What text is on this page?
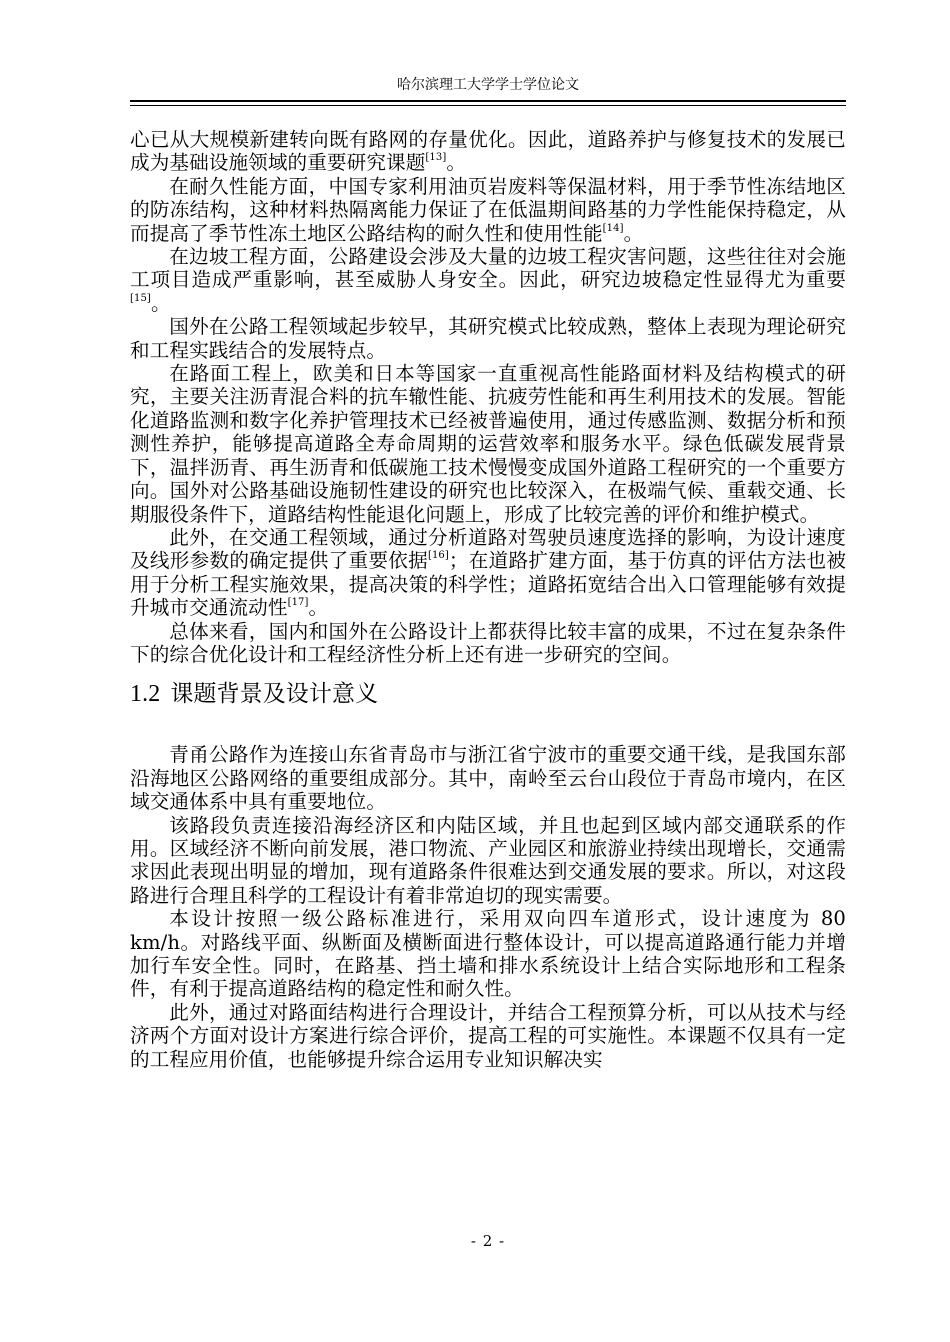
哈尔滨理工大学学士学位论文

心已从大规模新建转向既有路网的存量优化。因此，道路养护与修复技术的发展已成为基础设施领域的重要研究课题[13]。

在耐久性能方面，中国专家利用油页岩废料等保温材料，用于季节性冻结地区的防冻结构，这种材料热隔离能力保证了在低温期间路基的力学性能保持稳定，从而提高了季节性冻土地区公路结构的耐久性和使用性能[14]。

在边坡工程方面，公路建设会涉及大量的边坡工程灾害问题，这些往往对会施工项目造成严重影响，甚至威胁人身安全。因此，研究边坡稳定性显得尤为重要[15]。

国外在公路工程领域起步较早，其研究模式比较成熟，整体上表现为理论研究和工程实践结合的发展特点。

在路面工程上，欧美和日本等国家一直重视高性能路面材料及结构模式的研究，主要关注沥青混合料的抗车辙性能、抗疲劳性能和再生利用技术的发展。智能化道路监测和数字化养护管理技术已经被普遍使用，通过传感监测、数据分析和预测性养护，能够提高道路全寿命周期的运营效率和服务水平。绿色低碳发展背景下，温拌沥青、再生沥青和低碳施工技术慢慢变成国外道路工程研究的一个重要方向。国外对公路基础设施韧性建设的研究也比较深入，在极端气候、重载交通、长期服役条件下，道路结构性能退化问题上，形成了比较完善的评价和维护模式。

此外，在交通工程领域，通过分析道路对驾驶员速度选择的影响，为设计速度及线形参数的确定提供了重要依据[16]；在道路扩建方面，基于仿真的评估方法也被用于分析工程实施效果，提高决策的科学性；道路拓宽结合出入口管理能够有效提升城市交通流动性[17]。

总体来看，国内和国外在公路设计上都获得比较丰富的成果，不过在复杂条件下的综合优化设计和工程经济性分析上还有进一步研究的空间。

1.2 课题背景及设计意义

青甬公路作为连接山东省青岛市与浙江省宁波市的重要交通干线，是我国东部沿海地区公路网络的重要组成部分。其中，南岭至云台山段位于青岛市境内，在区域交通体系中具有重要地位。

该路段负责连接沿海经济区和内陆区域，并且也起到区域内部交通联系的作用。区域经济不断向前发展，港口物流、产业园区和旅游业持续出现增长，交通需求因此表现出明显的增加，现有道路条件很难达到交通发展的要求。所以，对这段路进行合理且科学的工程设计有着非常迫切的现实需要。

本设计按照一级公路标准进行，采用双向四车道形式，设计速度为 80 km/h。对路线平面、纵断面及横断面进行整体设计，可以提高道路通行能力并增加行车安全性。同时，在路基、挡土墙和排水系统设计上结合实际地形和工程条件，有利于提高道路结构的稳定性和耐久性。

此外，通过对路面结构进行合理设计，并结合工程预算分析，可以从技术与经济两个方面对设计方案进行综合评价，提高工程的可实施性。本课题不仅具有一定的工程应用价值，也能够提升综合运用专业知识解决实

- 2 -
